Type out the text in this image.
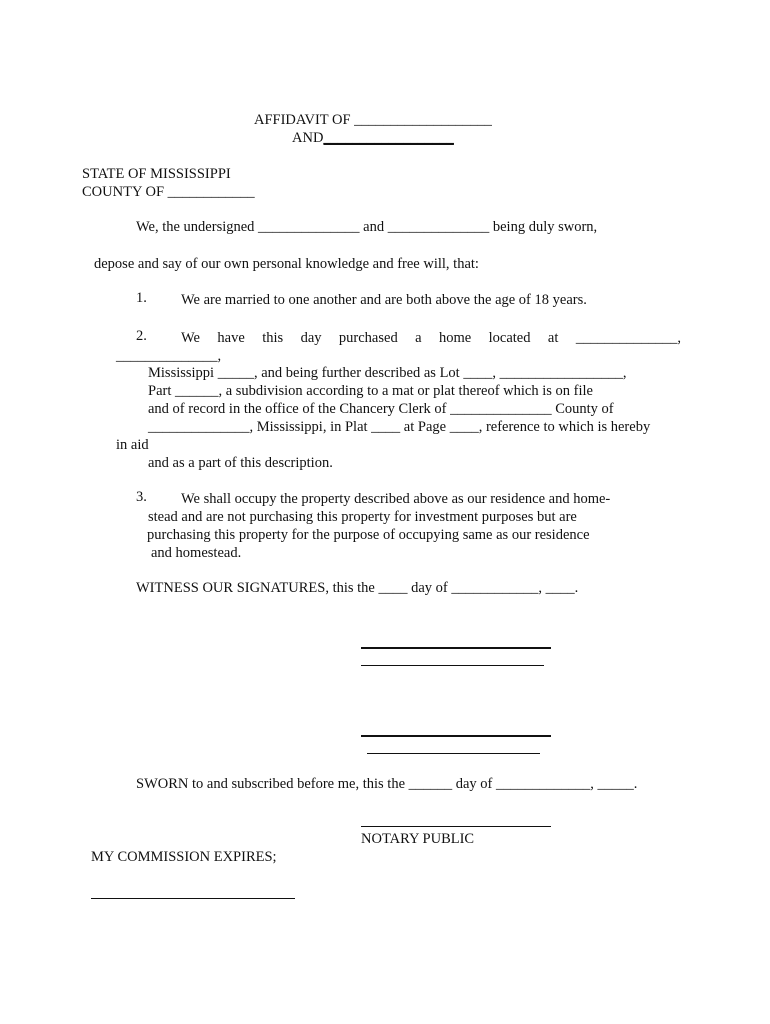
AFFIDAVIT OF ___________________

AND__________________

STATE OF MISSISSIPPI

COUNTY OF ____________

We, the undersigned ______________ and ______________ being duly sworn,

depose and say of our own personal knowledge and free will, that:

1. We are married to one another and are both above the age of 18 years.

2. We have this day purchased a home located at ______________,

______________,

Mississippi _____, and being further described as Lot ____, _________________,

Part ______, a subdivision according to a mat or plat thereof which is on file

and of record in the office of the Chancery Clerk of ______________ County of

______________, Mississippi, in Plat ____ at Page ____, reference to which is hereby

in aid

and as a part of this description.

3. We shall occupy the property described above as our residence and home-

stead and are not purchasing this property for investment purposes but are

purchasing this property for the purpose of occupying same as our residence

and homestead.

WITNESS OUR SIGNATURES, this the ____ day of ____________, ____.

SWORN to and subscribed before me, this the ______ day of _____________, _____.

NOTARY PUBLIC

MY COMMISSION EXPIRES;
